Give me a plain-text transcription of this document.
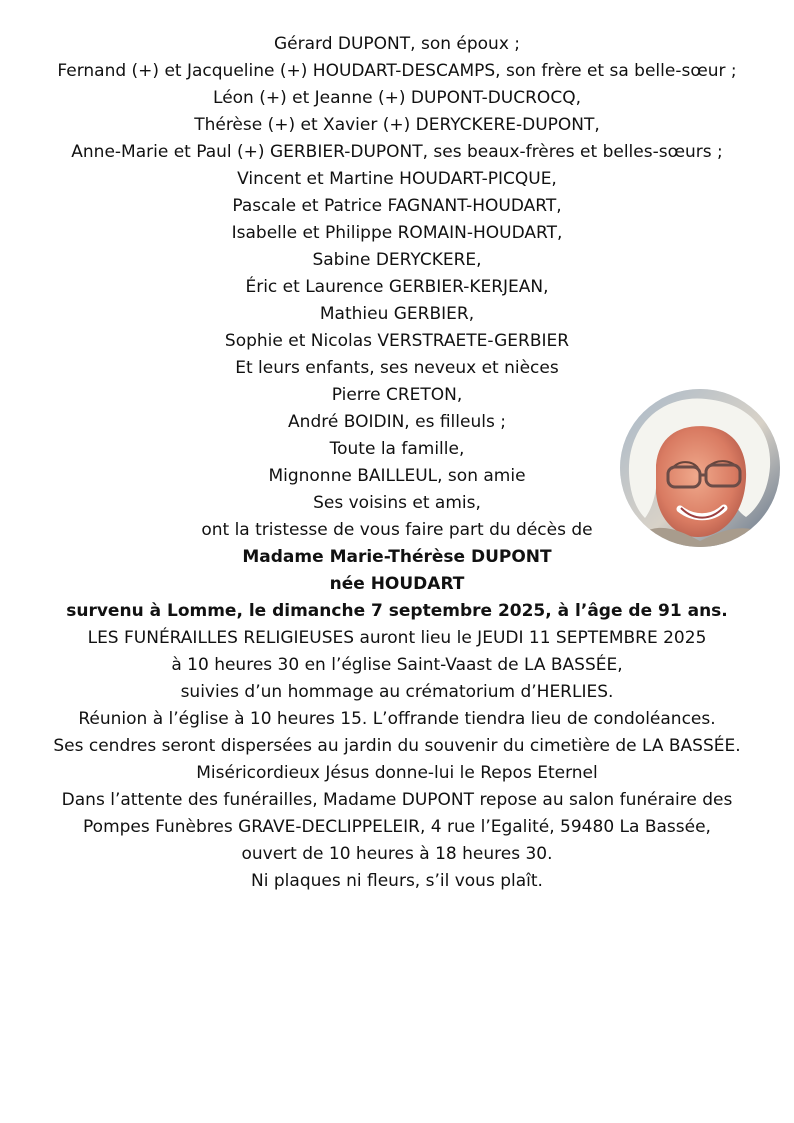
Gérard DUPONT, son époux ;

Fernand (+) et Jacqueline (+) HOUDART-DESCAMPS, son frère et sa belle-sœur ;

Léon (+) et Jeanne (+) DUPONT-DUCROCQ,

Thérèse (+) et Xavier (+) DERYCKERE-DUPONT,

Anne-Marie et Paul (+) GERBIER-DUPONT, ses beaux-frères et belles-sœurs ;

Vincent et Martine HOUDART-PICQUE,

Pascale et Patrice FAGNANT-HOUDART,

Isabelle et Philippe ROMAIN-HOUDART,

Sabine DERYCKERE,

Éric et Laurence GERBIER-KERJEAN,

Mathieu GERBIER,

Sophie et Nicolas VERSTRAETE-GERBIER

Et leurs enfants, ses neveux et nièces

Pierre CRETON,

André BOIDIN, es filleuls ;

Toute la famille,

Mignonne BAILLEUL, son amie

Ses voisins et amis,

ont la tristesse de vous faire part du décès de

Madame Marie-Thérèse DUPONT

née HOUDART

survenu à Lomme, le dimanche 7 septembre 2025, à l’âge de 91 ans.

LES FUNÉRAILLES RELIGIEUSES auront lieu le JEUDI 11 SEPTEMBRE 2025

à 10 heures 30 en l’église Saint-Vaast de LA BASSÉE,

suivies d’un hommage au crématorium d’HERLIES.

Réunion à l’église à 10 heures 15. L’offrande tiendra lieu de condoléances.

Ses cendres seront dispersées au jardin du souvenir du cimetière de LA BASSÉE.

Miséricordieux Jésus donne-lui le Repos Eternel

Dans l’attente des funérailles, Madame DUPONT repose au salon funéraire des

Pompes Funèbres GRAVE-DECLIPPELEIR, 4 rue l’Egalité, 59480 La Bassée,

ouvert de 10 heures à 18 heures 30.

Ni plaques ni fleurs, s’il vous plaît.
